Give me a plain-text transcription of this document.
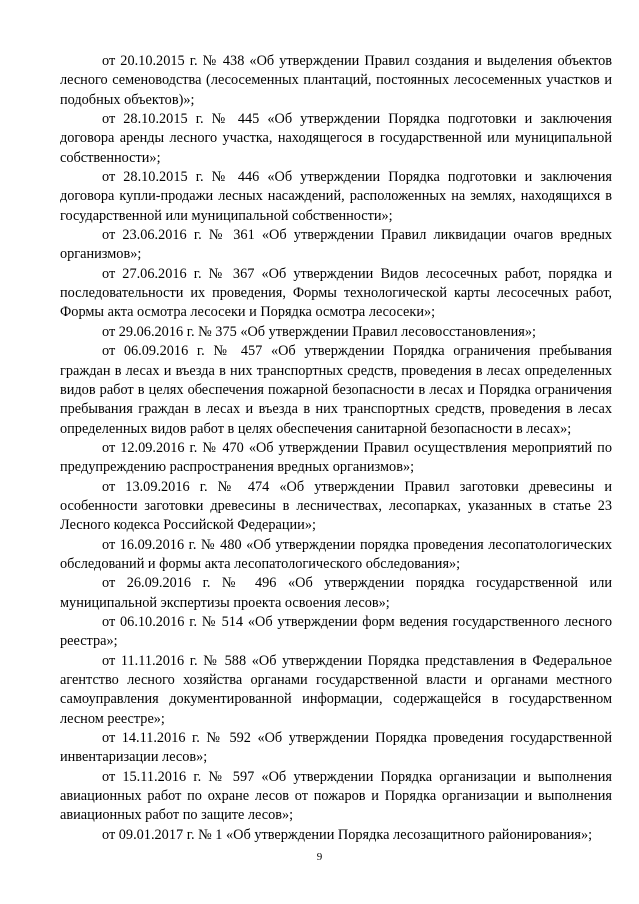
от 20.10.2015 г. № 438 «Об утверждении Правил создания и выделения объектов лесного семеноводства (лесосеменных плантаций, постоянных лесосеменных участков и подобных объектов)»;

от 28.10.2015 г. № 445 «Об утверждении Порядка подготовки и заключения договора аренды лесного участка, находящегося в государственной или муниципальной собственности»;

от 28.10.2015 г. № 446 «Об утверждении Порядка подготовки и заключения договора купли-продажи лесных насаждений, расположенных на землях, находящихся в государственной или муниципальной собственности»;

от 23.06.2016 г. № 361 «Об утверждении Правил ликвидации очагов вредных организмов»;

от 27.06.2016 г. № 367 «Об утверждении Видов лесосечных работ, порядка и последовательности их проведения, Формы технологической карты лесосечных работ, Формы акта осмотра лесосеки и Порядка осмотра лесосеки»;

от 29.06.2016 г. № 375 «Об утверждении Правил лесовосстановления»;

от 06.09.2016 г. № 457 «Об утверждении Порядка ограничения пребывания граждан в лесах и въезда в них транспортных средств, проведения в лесах определенных видов работ в целях обеспечения пожарной безопасности в лесах и Порядка ограничения пребывания граждан в лесах и въезда в них транспортных средств, проведения в лесах определенных видов работ в целях обеспечения санитарной безопасности в лесах»;

от 12.09.2016 г. № 470 «Об утверждении Правил осуществления мероприятий по предупреждению распространения вредных организмов»;

от 13.09.2016 г. № 474 «Об утверждении Правил заготовки древесины и особенности заготовки древесины в лесничествах, лесопарках, указанных в статье 23 Лесного кодекса Российской Федерации»;

от 16.09.2016 г. № 480 «Об утверждении порядка проведения лесопатологических обследований и формы акта лесопатологического обследования»;

от 26.09.2016 г. № 496 «Об утверждении порядка государственной или муниципальной экспертизы проекта освоения лесов»;

от 06.10.2016 г. № 514 «Об утверждении форм ведения государственного лесного реестра»;

от 11.11.2016 г. № 588 «Об утверждении Порядка представления в Федеральное агентство лесного хозяйства органами государственной власти и органами местного самоуправления документированной информации, содержащейся в государственном лесном реестре»;

от 14.11.2016 г. № 592 «Об утверждении Порядка проведения государственной инвентаризации лесов»;

от 15.11.2016 г. № 597 «Об утверждении Порядка организации и выполнения авиационных работ по охране лесов от пожаров и Порядка организации и выполнения авиационных работ по защите лесов»;

от 09.01.2017 г. № 1 «Об утверждении Порядка лесозащитного районирования»;

9
